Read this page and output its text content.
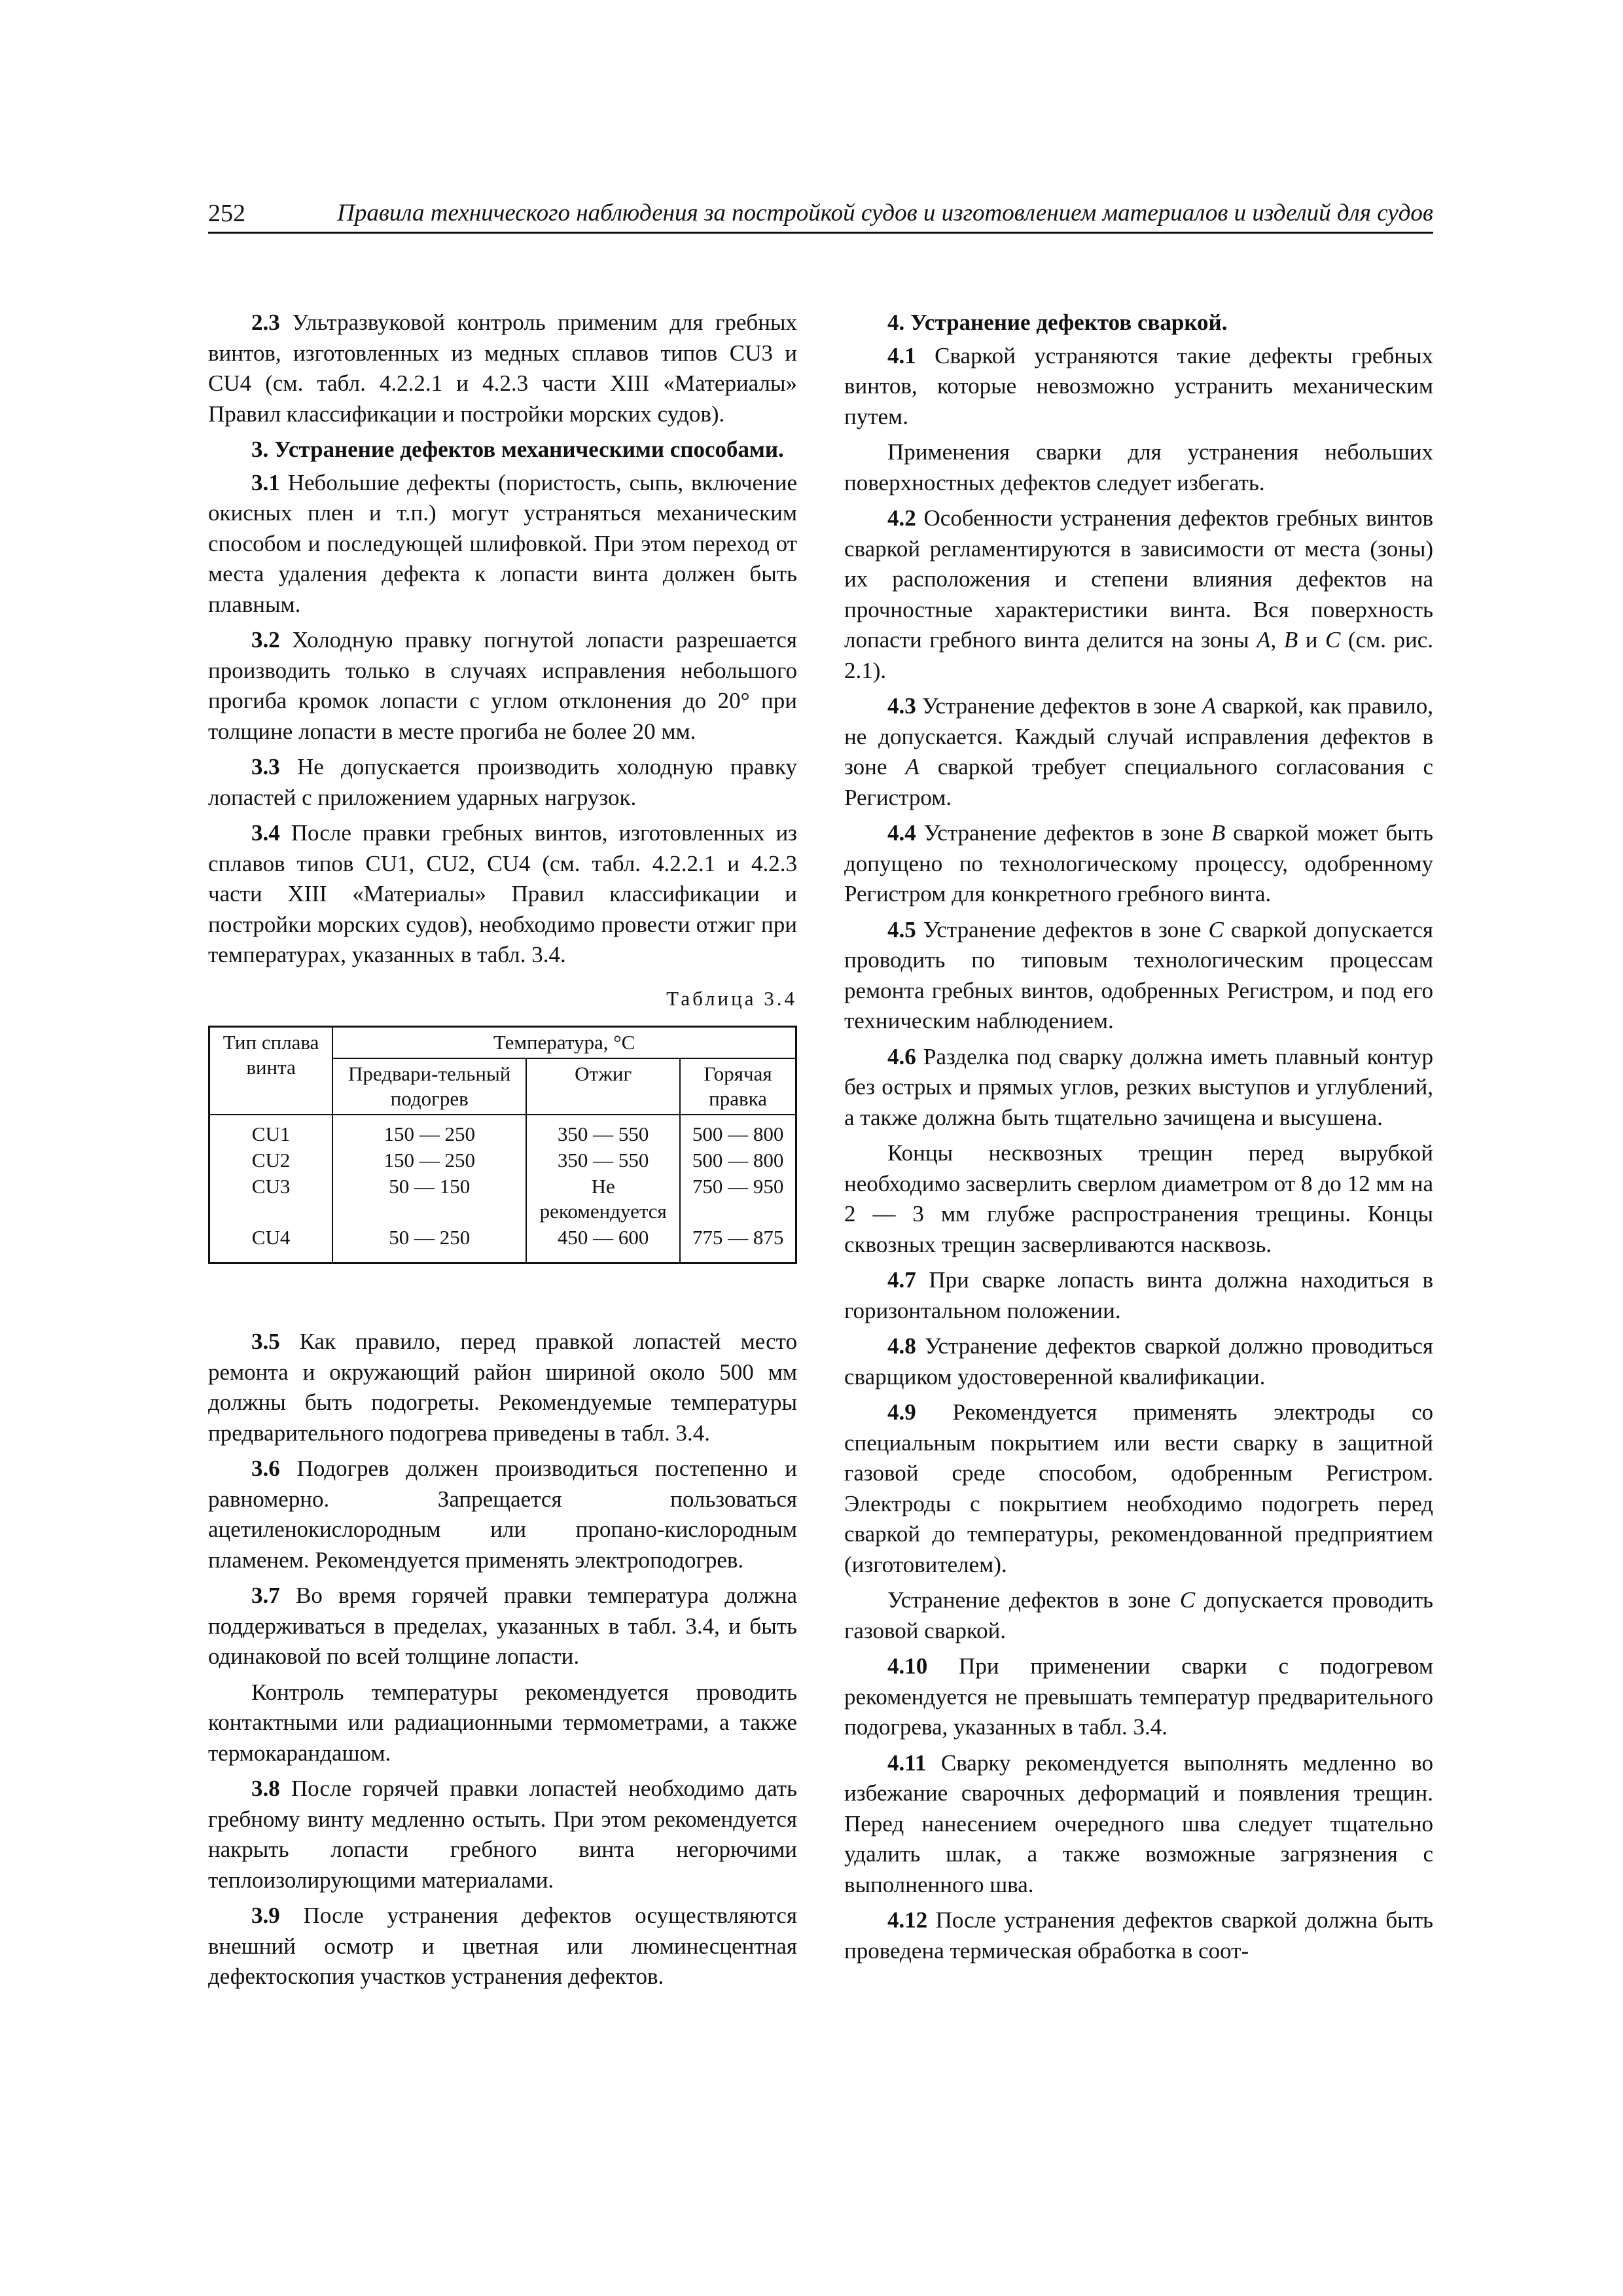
252	Правила технического наблюдения за постройкой судов и изготовлением материалов и изделий для судов

2.3 Ультразвуковой контроль применим для гребных винтов, изготовленных из медных сплавов типов CU3 и CU4 (см. табл. 4.2.2.1 и 4.2.3 части XIII «Материалы» Правил классификации и постройки морских судов).

3. Устранение дефектов механическими способами.

3.1 Небольшие дефекты (пористость, сыпь, включение окисных плен и т.п.) могут устраняться механическим способом и последующей шлифовкой. При этом переход от места удаления дефекта к лопасти винта должен быть плавным.

3.2 Холодную правку погнутой лопасти разрешается производить только в случаях исправления небольшого прогиба кромок лопасти с углом отклонения до 20° при толщине лопасти в месте прогиба не более 20 мм.

3.3 Не допускается производить холодную правку лопастей с приложением ударных нагрузок.

3.4 После правки гребных винтов, изготовленных из сплавов типов CU1, CU2, CU4 (см. табл. 4.2.2.1 и 4.2.3 части XIII «Материалы» Правил классификации и постройки морских судов), необходимо провести отжиг при температурах, указанных в табл. 3.4.

Таблица 3.4
Тип сплава винта	Температура, °C		
	Предвари-тельный подогрев	Отжиг	Горячая правка
CU1	150 — 250	350 — 550	500 — 800
CU2	150 — 250	350 — 550	500 — 800
CU3	50 — 150	Не рекомендуется	750 — 950
CU4	50 — 250	450 — 600	775 — 875

3.5 Как правило, перед правкой лопастей место ремонта и окружающий район шириной около 500 мм должны быть подогреты. Рекомендуемые температуры предварительного подогрева приведены в табл. 3.4.

3.6 Подогрев должен производиться постепенно и равномерно. Запрещается пользоваться ацетиленокислородным или пропано-кислородным пламенем. Рекомендуется применять электроподогрев.

3.7 Во время горячей правки температура должна поддерживаться в пределах, указанных в табл. 3.4, и быть одинаковой по всей толщине лопасти.

Контроль температуры рекомендуется проводить контактными или радиационными термометрами, а также термокарандашом.

3.8 После горячей правки лопастей необходимо дать гребному винту медленно остыть. При этом рекомендуется накрыть лопасти гребного винта негорючими теплоизолирующими материалами.

3.9 После устранения дефектов осуществляются внешний осмотр и цветная или люминесцентная дефектоскопия участков устранения дефектов.

4. Устранение дефектов сваркой.

4.1 Сваркой устраняются такие дефекты гребных винтов, которые невозможно устранить механическим путем.

Применения сварки для устранения небольших поверхностных дефектов следует избегать.

4.2 Особенности устранения дефектов гребных винтов сваркой регламентируются в зависимости от места (зоны) их расположения и степени влияния дефектов на прочностные характеристики винта. Вся поверхность лопасти гребного винта делится на зоны A, B и C (см. рис. 2.1).

4.3 Устранение дефектов в зоне A сваркой, как правило, не допускается. Каждый случай исправления дефектов в зоне A сваркой требует специального согласования с Регистром.

4.4 Устранение дефектов в зоне B сваркой может быть допущено по технологическому процессу, одобренному Регистром для конкретного гребного винта.

4.5 Устранение дефектов в зоне C сваркой допускается проводить по типовым технологическим процессам ремонта гребных винтов, одобренных Регистром, и под его техническим наблюдением.

4.6 Разделка под сварку должна иметь плавный контур без острых и прямых углов, резких выступов и углублений, а также должна быть тщательно зачищена и высушена.

Концы несквозных трещин перед вырубкой необходимо засверлить сверлом диаметром от 8 до 12 мм на 2 — 3 мм глубже распространения трещины. Концы сквозных трещин засверливаются насквозь.

4.7 При сварке лопасть винта должна находиться в горизонтальном положении.

4.8 Устранение дефектов сваркой должно проводиться сварщиком удостоверенной квалификации.

4.9 Рекомендуется применять электроды со специальным покрытием или вести сварку в защитной газовой среде способом, одобренным Регистром. Электроды с покрытием необходимо подогреть перед сваркой до температуры, рекомендованной предприятием (изготовителем).

Устранение дефектов в зоне C допускается проводить газовой сваркой.

4.10 При применении сварки с подогревом рекомендуется не превышать температур предварительного подогрева, указанных в табл. 3.4.

4.11 Сварку рекомендуется выполнять медленно во избежание сварочных деформаций и появления трещин. Перед нанесением очередного шва следует тщательно удалить шлак, а также возможные загрязнения с выполненного шва.

4.12 После устранения дефектов сваркой должна быть проведена термическая обработка в соот-
